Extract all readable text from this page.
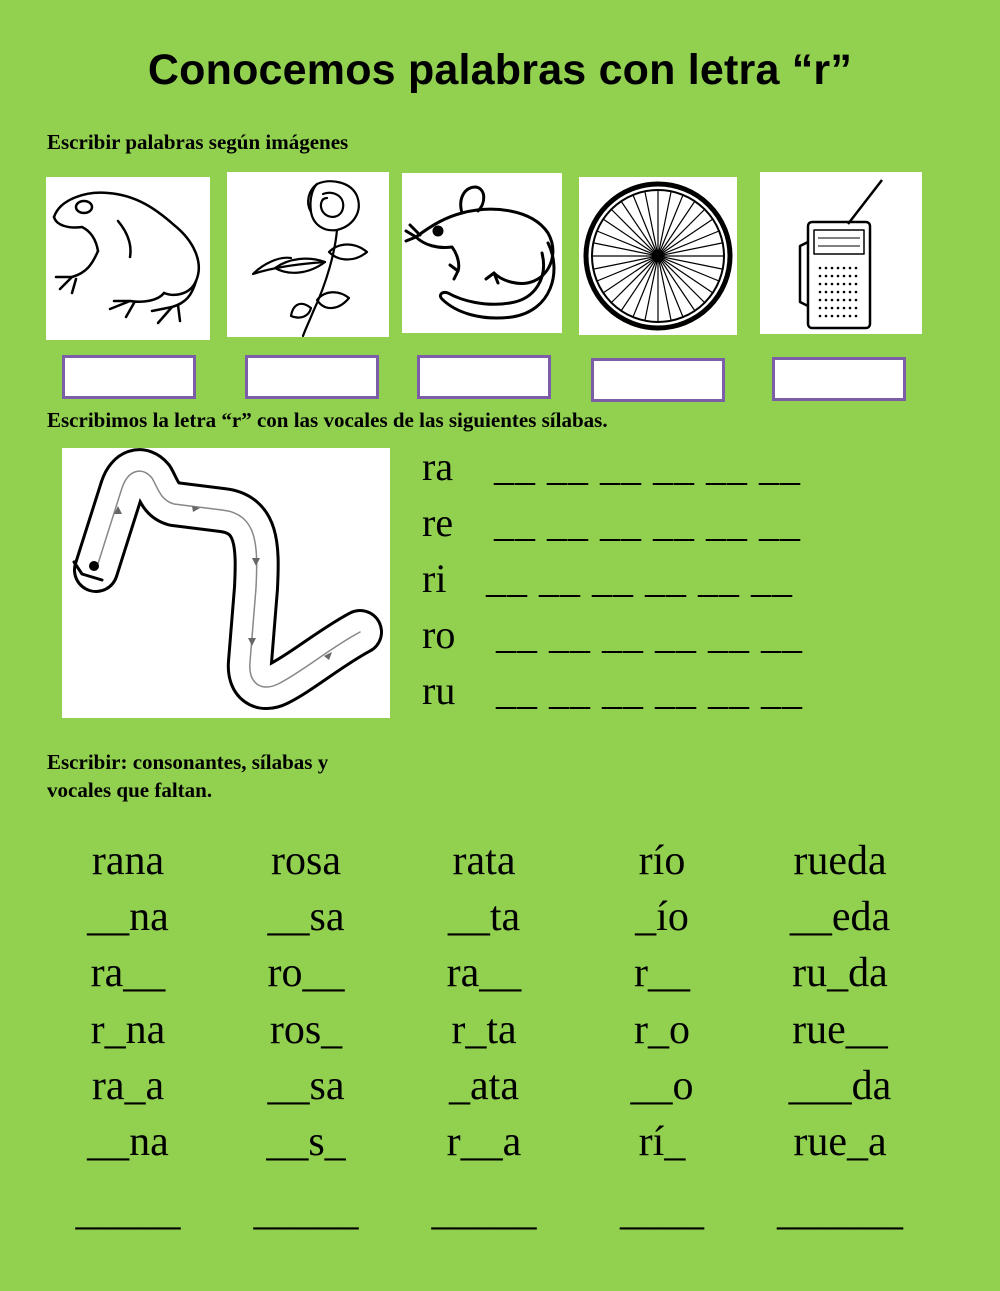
Conocemos palabras con letra “r”
Escribir palabras según imágenes
Escribimos la letra “r” con las vocales de las siguientes sílabas.
ra __ __ __ __ __ __
re __ __ __ __ __ __
ri __ __ __ __ __ __
ro __ __ __ __ __ __
ru __ __ __ __ __ __
Escribir: consonantes, sílabas y
vocales que faltan.
rana
__na
ra__
r_na
ra_a
__na
_____
rosa
__sa
ro__
ros_
__sa
__s_
_____
rata
__ta
ra__
r_ta
_ata
r__a
_____
río
_ío
r__
r_o
__o
rí_
____
rueda
__eda
ru_da
rue__
___da
rue_a
______
